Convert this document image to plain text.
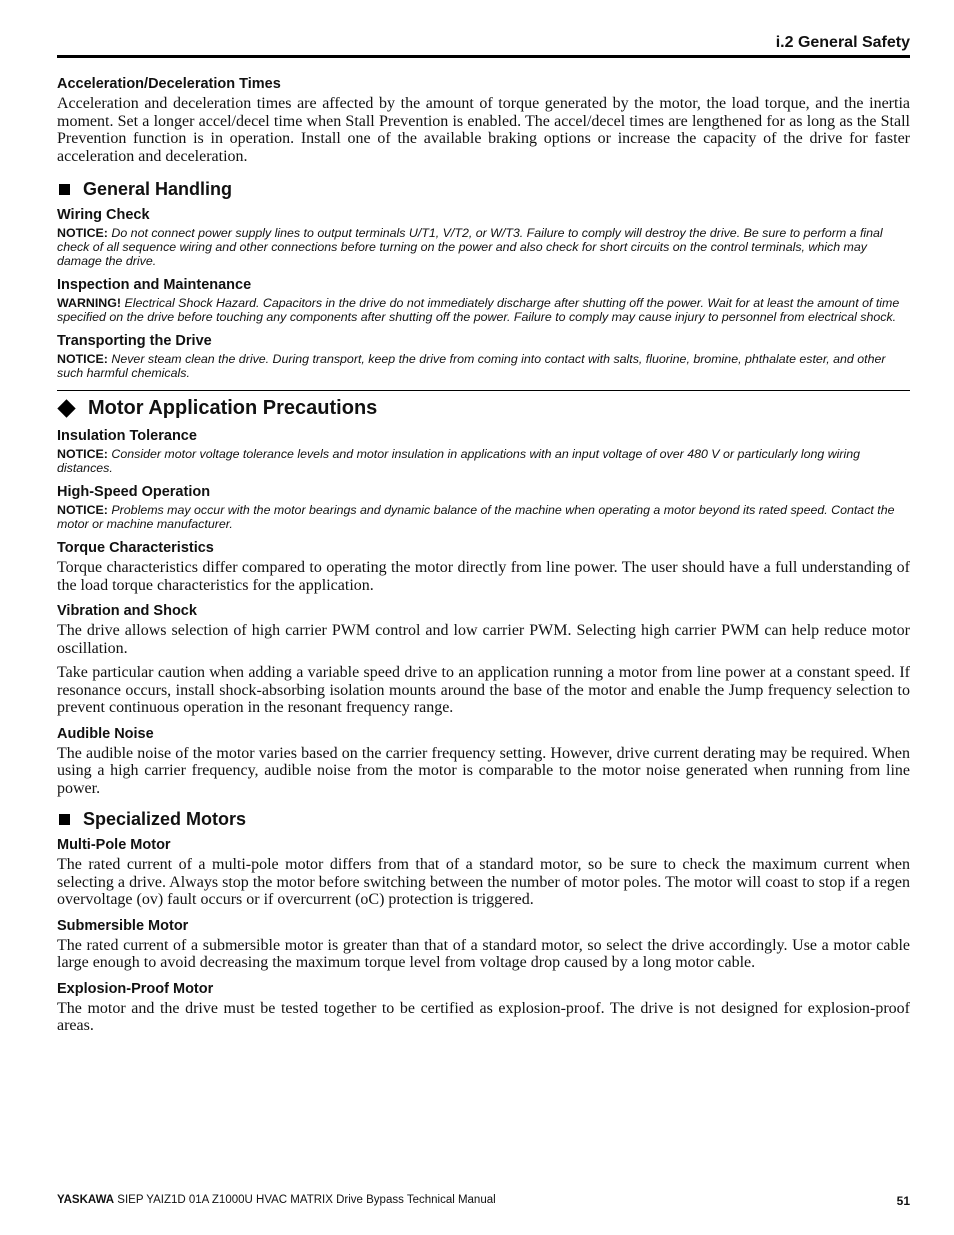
i.2 General Safety
Acceleration/Deceleration Times

Acceleration and deceleration times are affected by the amount of torque generated by the motor, the load torque, and the inertia moment. Set a longer accel/decel time when Stall Prevention is enabled. The accel/decel times are lengthened for as long as the Stall Prevention function is in operation. Install one of the available braking options or increase the capacity of the drive for faster acceleration and deceleration.

General Handling
Wiring Check

NOTICE: Do not connect power supply lines to output terminals U/T1, V/T2, or W/T3. Failure to comply will destroy the drive. Be sure to perform a final check of all sequence wiring and other connections before turning on the power and also check for short circuits on the control terminals, which may damage the drive.

Inspection and Maintenance

WARNING! Electrical Shock Hazard. Capacitors in the drive do not immediately discharge after shutting off the power. Wait for at least the amount of time specified on the drive before touching any components after shutting off the power. Failure to comply may cause injury to personnel from electrical shock.

Transporting the Drive

NOTICE: Never steam clean the drive. During transport, keep the drive from coming into contact with salts, fluorine, bromine, phthalate ester, and other such harmful chemicals.

Motor Application Precautions
Insulation Tolerance

NOTICE: Consider motor voltage tolerance levels and motor insulation in applications with an input voltage of over 480 V or particularly long wiring distances.

High-Speed Operation

NOTICE: Problems may occur with the motor bearings and dynamic balance of the machine when operating a motor beyond its rated speed. Contact the motor or machine manufacturer.

Torque Characteristics

Torque characteristics differ compared to operating the motor directly from line power. The user should have a full understanding of the load torque characteristics for the application.

Vibration and Shock

The drive allows selection of high carrier PWM control and low carrier PWM. Selecting high carrier PWM can help reduce motor oscillation.

Take particular caution when adding a variable speed drive to an application running a motor from line power at a constant speed. If resonance occurs, install shock-absorbing isolation mounts around the base of the motor and enable the Jump frequency selection to prevent continuous operation in the resonant frequency range.

Audible Noise

The audible noise of the motor varies based on the carrier frequency setting. However, drive current derating may be required. When using a high carrier frequency, audible noise from the motor is comparable to the motor noise generated when running from line power.

Specialized Motors
Multi-Pole Motor

The rated current of a multi-pole motor differs from that of a standard motor, so be sure to check the maximum current when selecting a drive. Always stop the motor before switching between the number of motor poles. The motor will coast to stop if a regen overvoltage (ov) fault occurs or if overcurrent (oC) protection is triggered.

Submersible Motor

The rated current of a submersible motor is greater than that of a standard motor, so select the drive accordingly. Use a motor cable large enough to avoid decreasing the maximum torque level from voltage drop caused by a long motor cable.

Explosion-Proof Motor

The motor and the drive must be tested together to be certified as explosion-proof. The drive is not designed for explosion-proof areas.

YASKAWA SIEP YAIZ1D 01A Z1000U HVAC MATRIX Drive Bypass Technical Manual	51
